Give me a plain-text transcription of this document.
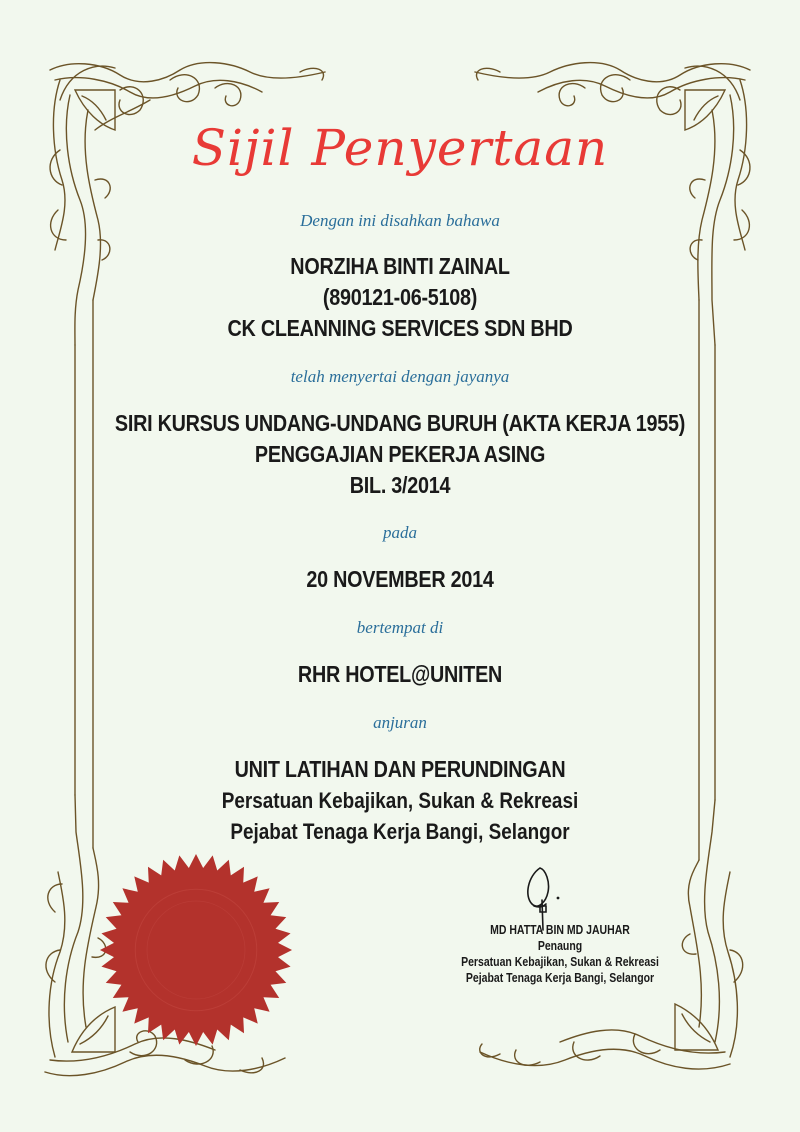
Sijil Penyertaan
Dengan ini disahkan bahawa
NORZIHA BINTI ZAINAL
(890121-06-5108)
CK CLEANNING SERVICES SDN BHD
telah menyertai dengan jayanya
SIRI KURSUS UNDANG-UNDANG BURUH (AKTA KERJA 1955)
PENGGAJIAN PEKERJA ASING
BIL. 3/2014
pada
20 NOVEMBER 2014
bertempat di
RHR HOTEL@UNITEN
anjuran
UNIT LATIHAN DAN PERUNDINGAN
Persatuan Kebajikan, Sukan & Rekreasi
Pejabat Tenaga Kerja Bangi, Selangor
MD HATTA BIN MD JAUHAR
Penaung
Persatuan Kebajikan, Sukan & Rekreasi
Pejabat Tenaga Kerja Bangi, Selangor
